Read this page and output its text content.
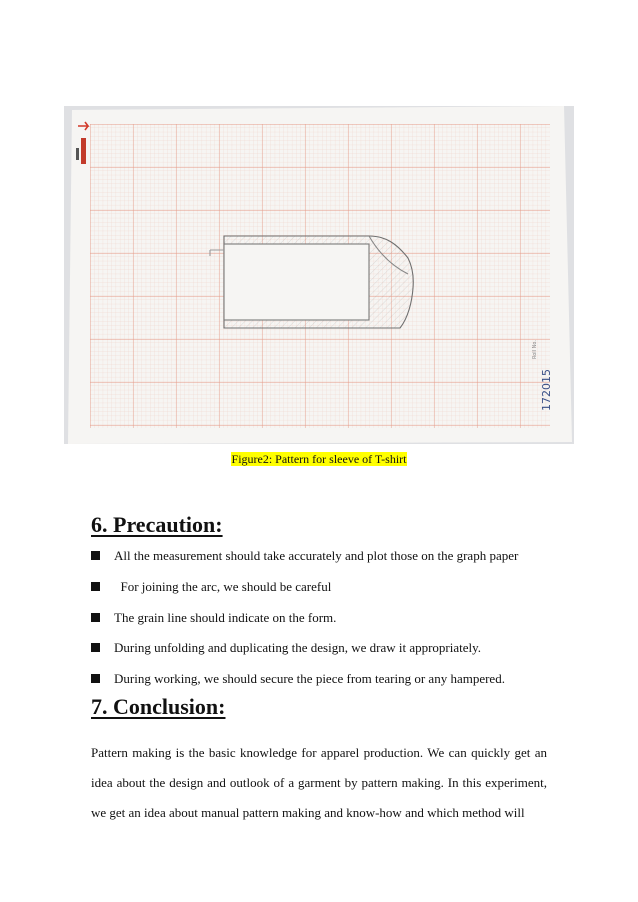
172015
Roll No.
Figure2: Pattern for sleeve of T-shirt
6. Precaution:
All the measurement should take accurately and plot those on the graph paper
For joining the arc, we should be careful
The grain line should indicate on the form.
During unfolding and duplicating the design, we draw it appropriately.
During working, we should secure the piece from tearing or any hampered.
7. Conclusion:

Pattern making is the basic knowledge for apparel production. We can quickly get an idea about the design and outlook of a garment by pattern making. In this experiment, we get an idea about manual pattern making and know-how and which method will
